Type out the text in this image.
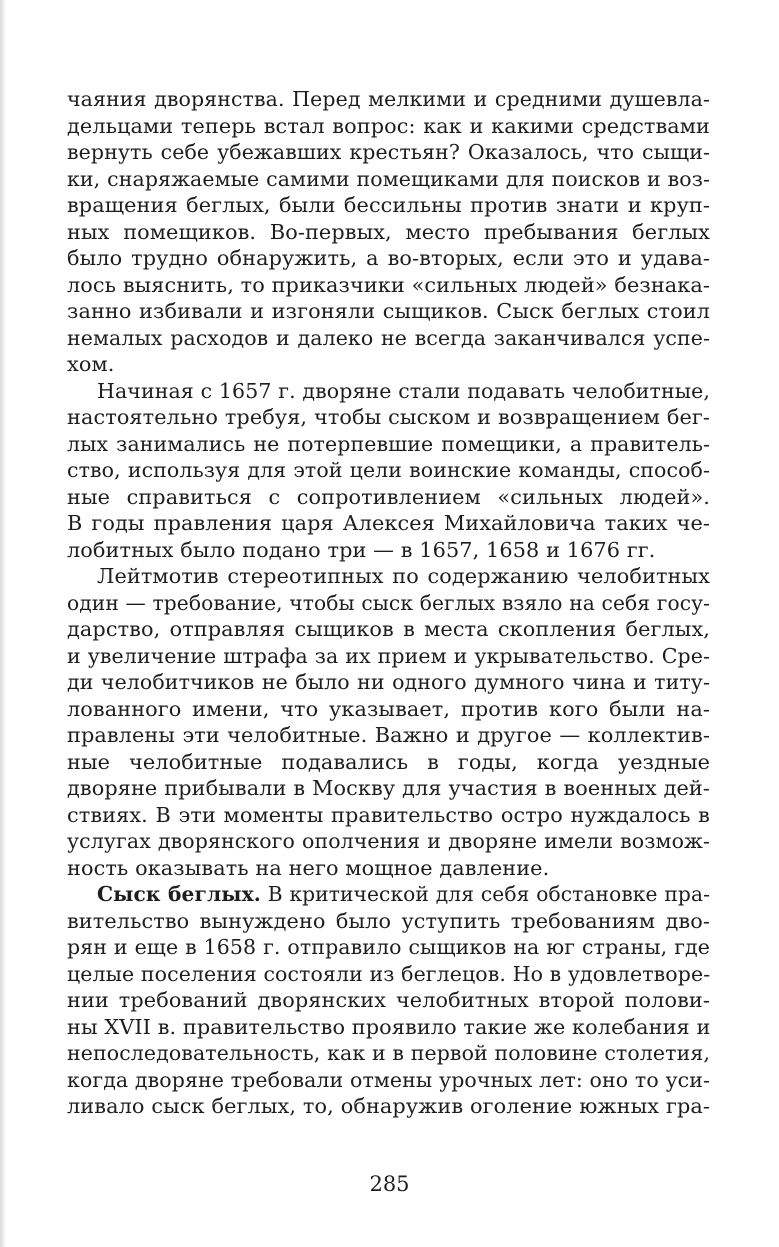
чаяния дворянства. Перед мелкими и средними душевла-
дельцами теперь встал вопрос: как и какими средствами
вернуть себе убежавших крестьян? Оказалось, что сыщи-
ки, снаряжаемые самими помещиками для поисков и воз-
вращения беглых, были бессильны против знати и круп-
ных помещиков. Во-первых, место пребывания беглых
было трудно обнаружить, а во-вторых, если это и удава-
лось выяснить, то приказчики «сильных людей» безнака-
занно избивали и изгоняли сыщиков. Сыск беглых стоил
немалых расходов и далеко не всегда заканчивался успе-
хом.
Начиная с 1657 г. дворяне стали подавать челобитные,
настоятельно требуя, чтобы сыском и возвращением бег-
лых занимались не потерпевшие помещики, а правитель-
ство, используя для этой цели воинские команды, способ-
ные справиться с сопротивлением «сильных людей».
В годы правления царя Алексея Михайловича таких че-
лобитных было подано три — в 1657, 1658 и 1676 гг.
Лейтмотив стереотипных по содержанию челобитных
один — требование, чтобы сыск беглых взяло на себя госу-
дарство, отправляя сыщиков в места скопления беглых,
и увеличение штрафа за их прием и укрывательство. Сре-
ди челобитчиков не было ни одного думного чина и титу-
лованного имени, что указывает, против кого были на-
правлены эти челобитные. Важно и другое — коллектив-
ные челобитные подавались в годы, когда уездные
дворяне прибывали в Москву для участия в военных дей-
ствиях. В эти моменты правительство остро нуждалось в
услугах дворянского ополчения и дворяне имели возмож-
ность оказывать на него мощное давление.
Сыск беглых. В критической для себя обстановке пра-
вительство вынуждено было уступить требованиям дво-
рян и еще в 1658 г. отправило сыщиков на юг страны, где
целые поселения состояли из беглецов. Но в удовлетворе-
нии требований дворянских челобитных второй полови-
ны XVII в. правительство проявило такие же колебания и
непоследовательность, как и в первой половине столетия,
когда дворяне требовали отмены урочных лет: оно то уси-
ливало сыск беглых, то, обнаружив оголение южных гра-
285
